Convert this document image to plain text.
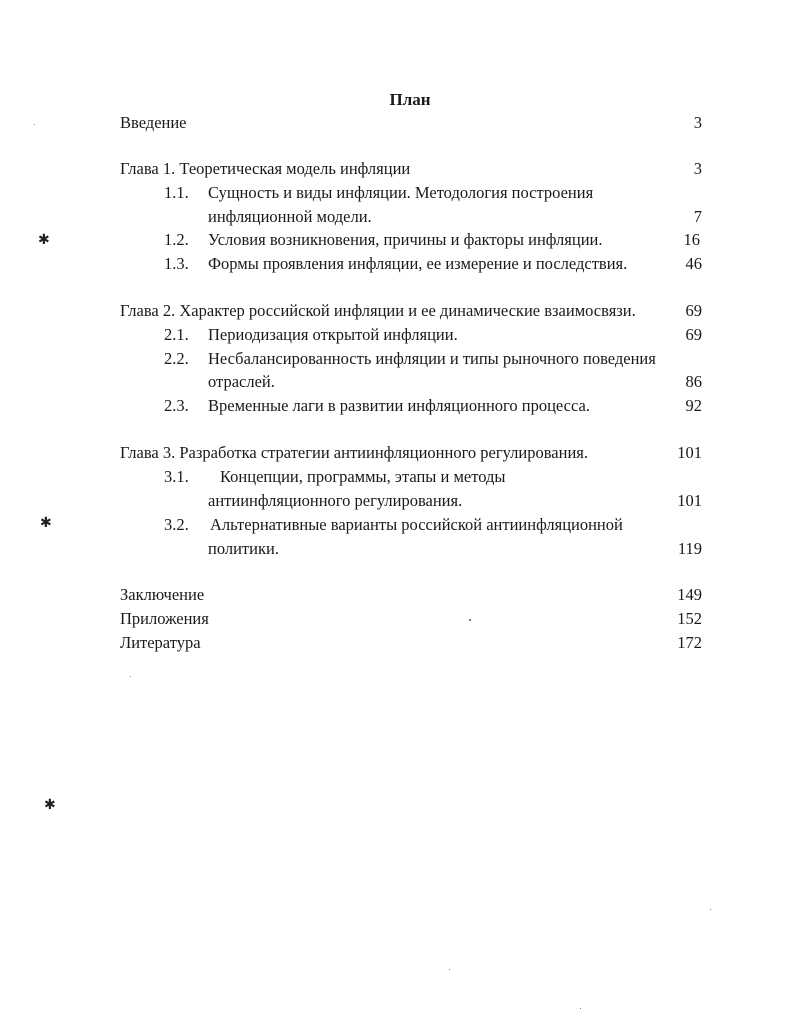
План
Введение	3
Глава 1. Теоретическая модель инфляции	3
1.1. Сущность и виды инфляции. Методология построения
инфляционной модели.	7
1.2. Условия возникновения, причины и факторы инфляции.	16
1.3. Формы проявления инфляции, ее измерение и последствия.	46
Глава 2. Характер российской инфляции и ее динамические взаимосвязи.	69
2.1. Периодизация открытой инфляции.	69
2.2. Несбалансированность инфляции и типы рыночного поведения
отраслей.	86
2.3. Временные лаги в развитии инфляционного процесса.	92
Глава 3. Разработка стратегии антиинфляционного регулирования.	101
3.1. Концепции, программы, этапы и методы
антиинфляционного регулирования.	101
3.2. Альтернативные варианты российской антиинфляционной
политики.	119
Заключение	149
Приложения	152
Литература	172
✱
✱
✱
